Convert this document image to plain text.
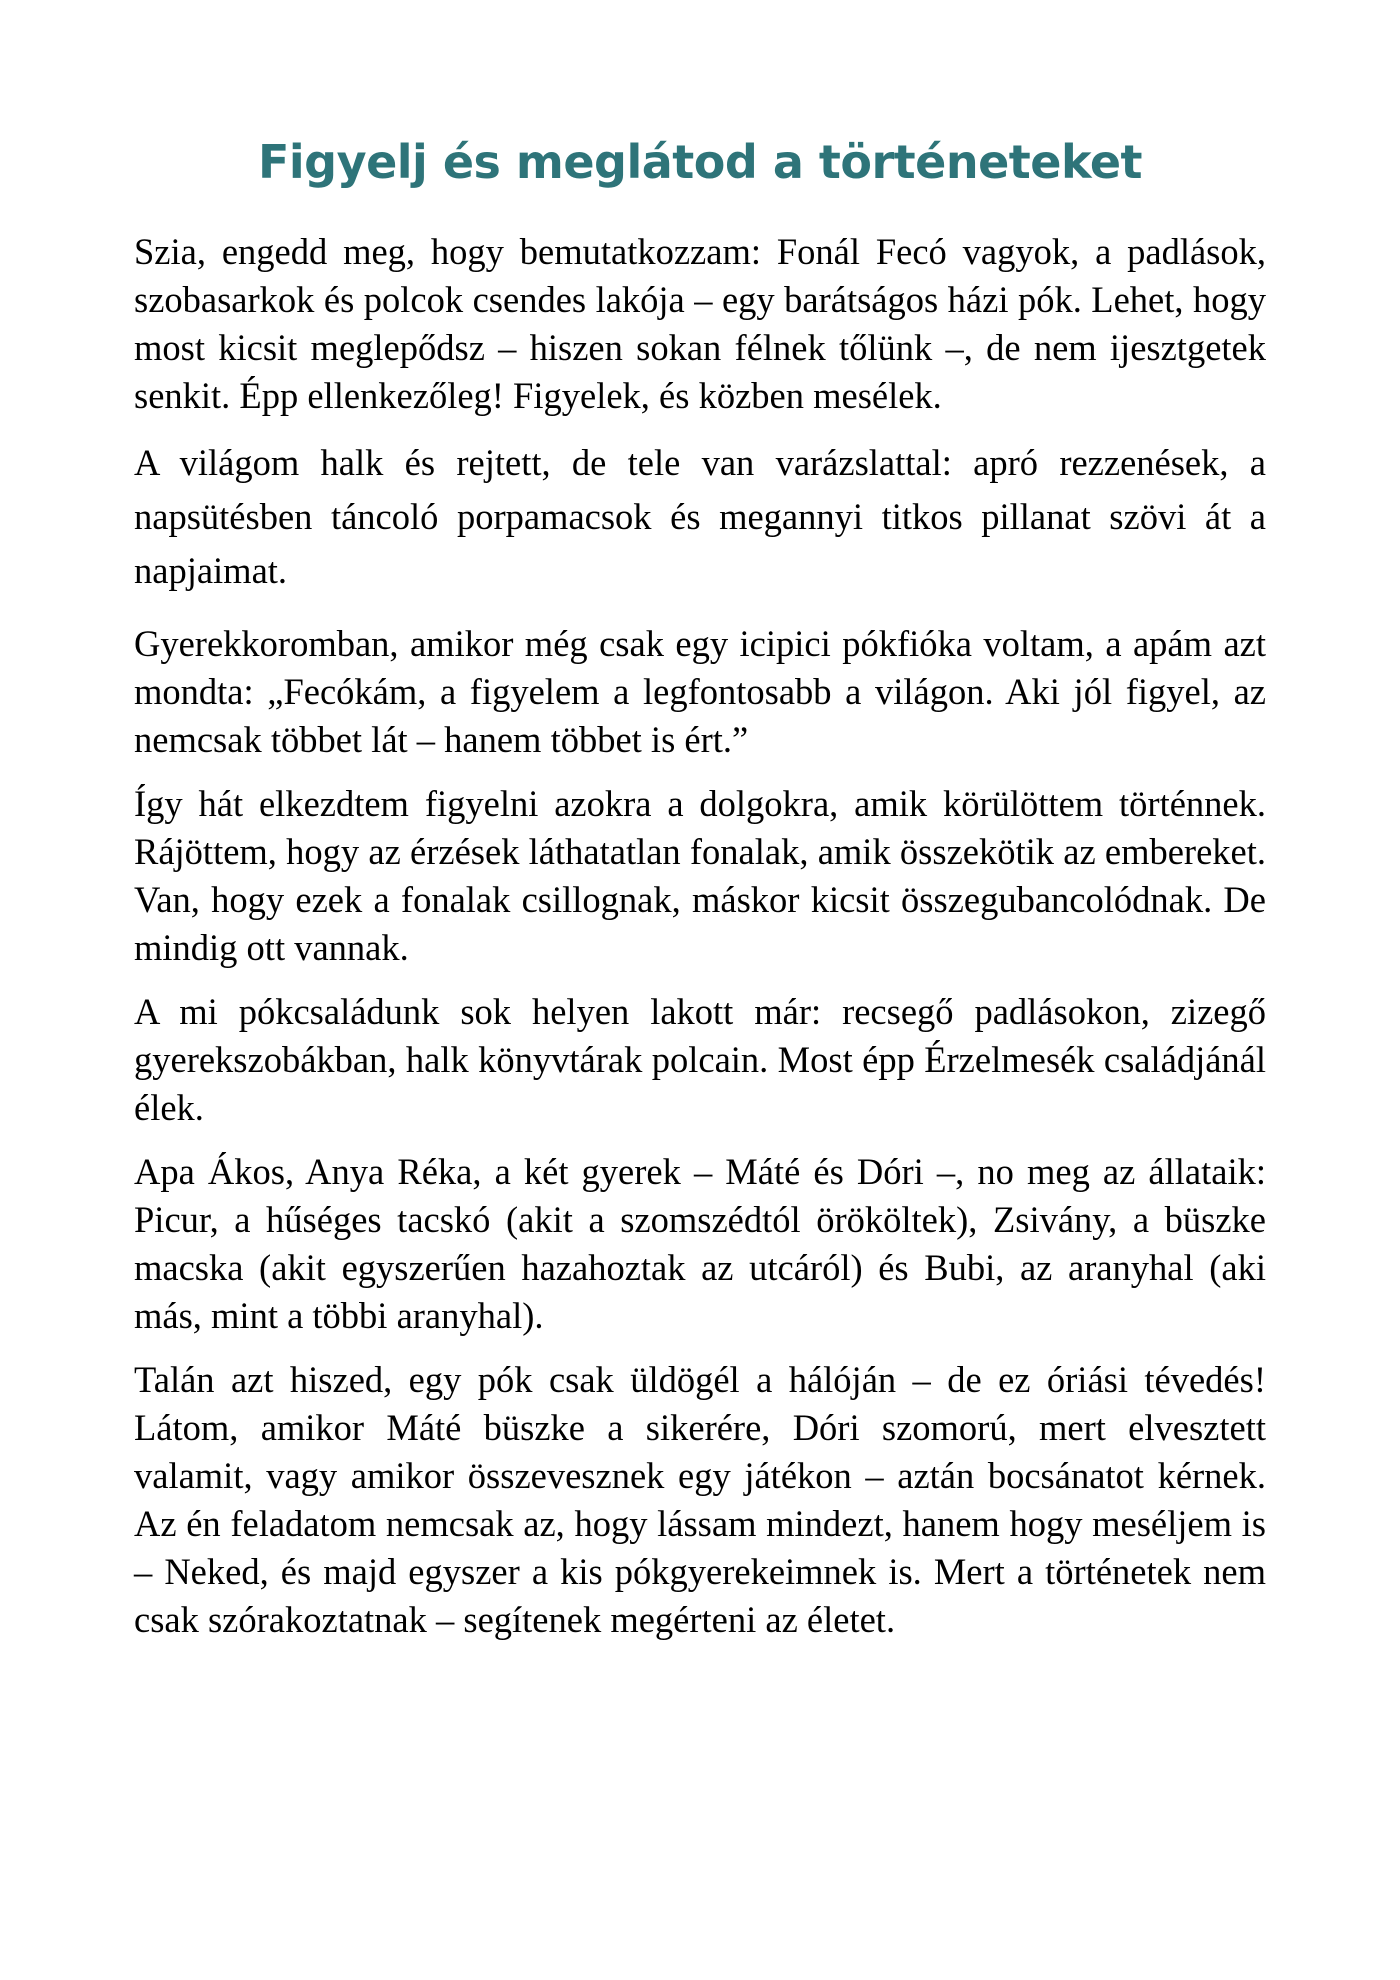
Figyelj és meglátod a történeteket

Szia, engedd meg, hogy bemutatkozzam: Fonál Fecó vagyok, a padlások, szobasarkok és polcok csendes lakója – egy barátságos házi pók. Lehet, hogy most kicsit meglepődsz – hiszen sokan félnek tőlünk –, de nem ijesztgetek senkit. Épp ellenkezőleg! Figyelek, és közben mesélek.

A világom halk és rejtett, de tele van varázslattal: apró rezzenések, a napsütésben táncoló porpamacsok és megannyi titkos pillanat szövi át a napjaimat.

Gyerekkoromban, amikor még csak egy icipici pókfióka voltam, a apám azt mondta: „Fecókám, a figyelem a legfontosabb a világon. Aki jól figyel, az nemcsak többet lát – hanem többet is ért.”

Így hát elkezdtem figyelni azokra a dolgokra, amik körülöttem történnek. Rájöttem, hogy az érzések láthatatlan fonalak, amik összekötik az embereket. Van, hogy ezek a fonalak csillognak, máskor kicsit összegubancolódnak. De mindig ott vannak.

A mi pókcsaládunk sok helyen lakott már: recsegő padlásokon, zizegő gyerekszobákban, halk könyvtárak polcain. Most épp Érzelmesék családjánál élek.

Apa Ákos, Anya Réka, a két gyerek – Máté és Dóri –, no meg az állataik: Picur, a hűséges tacskó (akit a szomszédtól örököltek), Zsivány, a büszke macska (akit egyszerűen hazahoztak az utcáról) és Bubi, az aranyhal (aki más, mint a többi aranyhal).

Talán azt hiszed, egy pók csak üldögél a hálóján – de ez óriási tévedés! Látom, amikor Máté büszke a sikerére, Dóri szomorú, mert elvesztett valamit, vagy amikor összevesznek egy játékon – aztán bocsánatot kérnek. Az én feladatom nemcsak az, hogy lássam mindezt, hanem hogy meséljem is – Neked, és majd egyszer a kis pókgyerekeimnek is. Mert a történetek nem csak szórakoztatnak – segítenek megérteni az életet.
